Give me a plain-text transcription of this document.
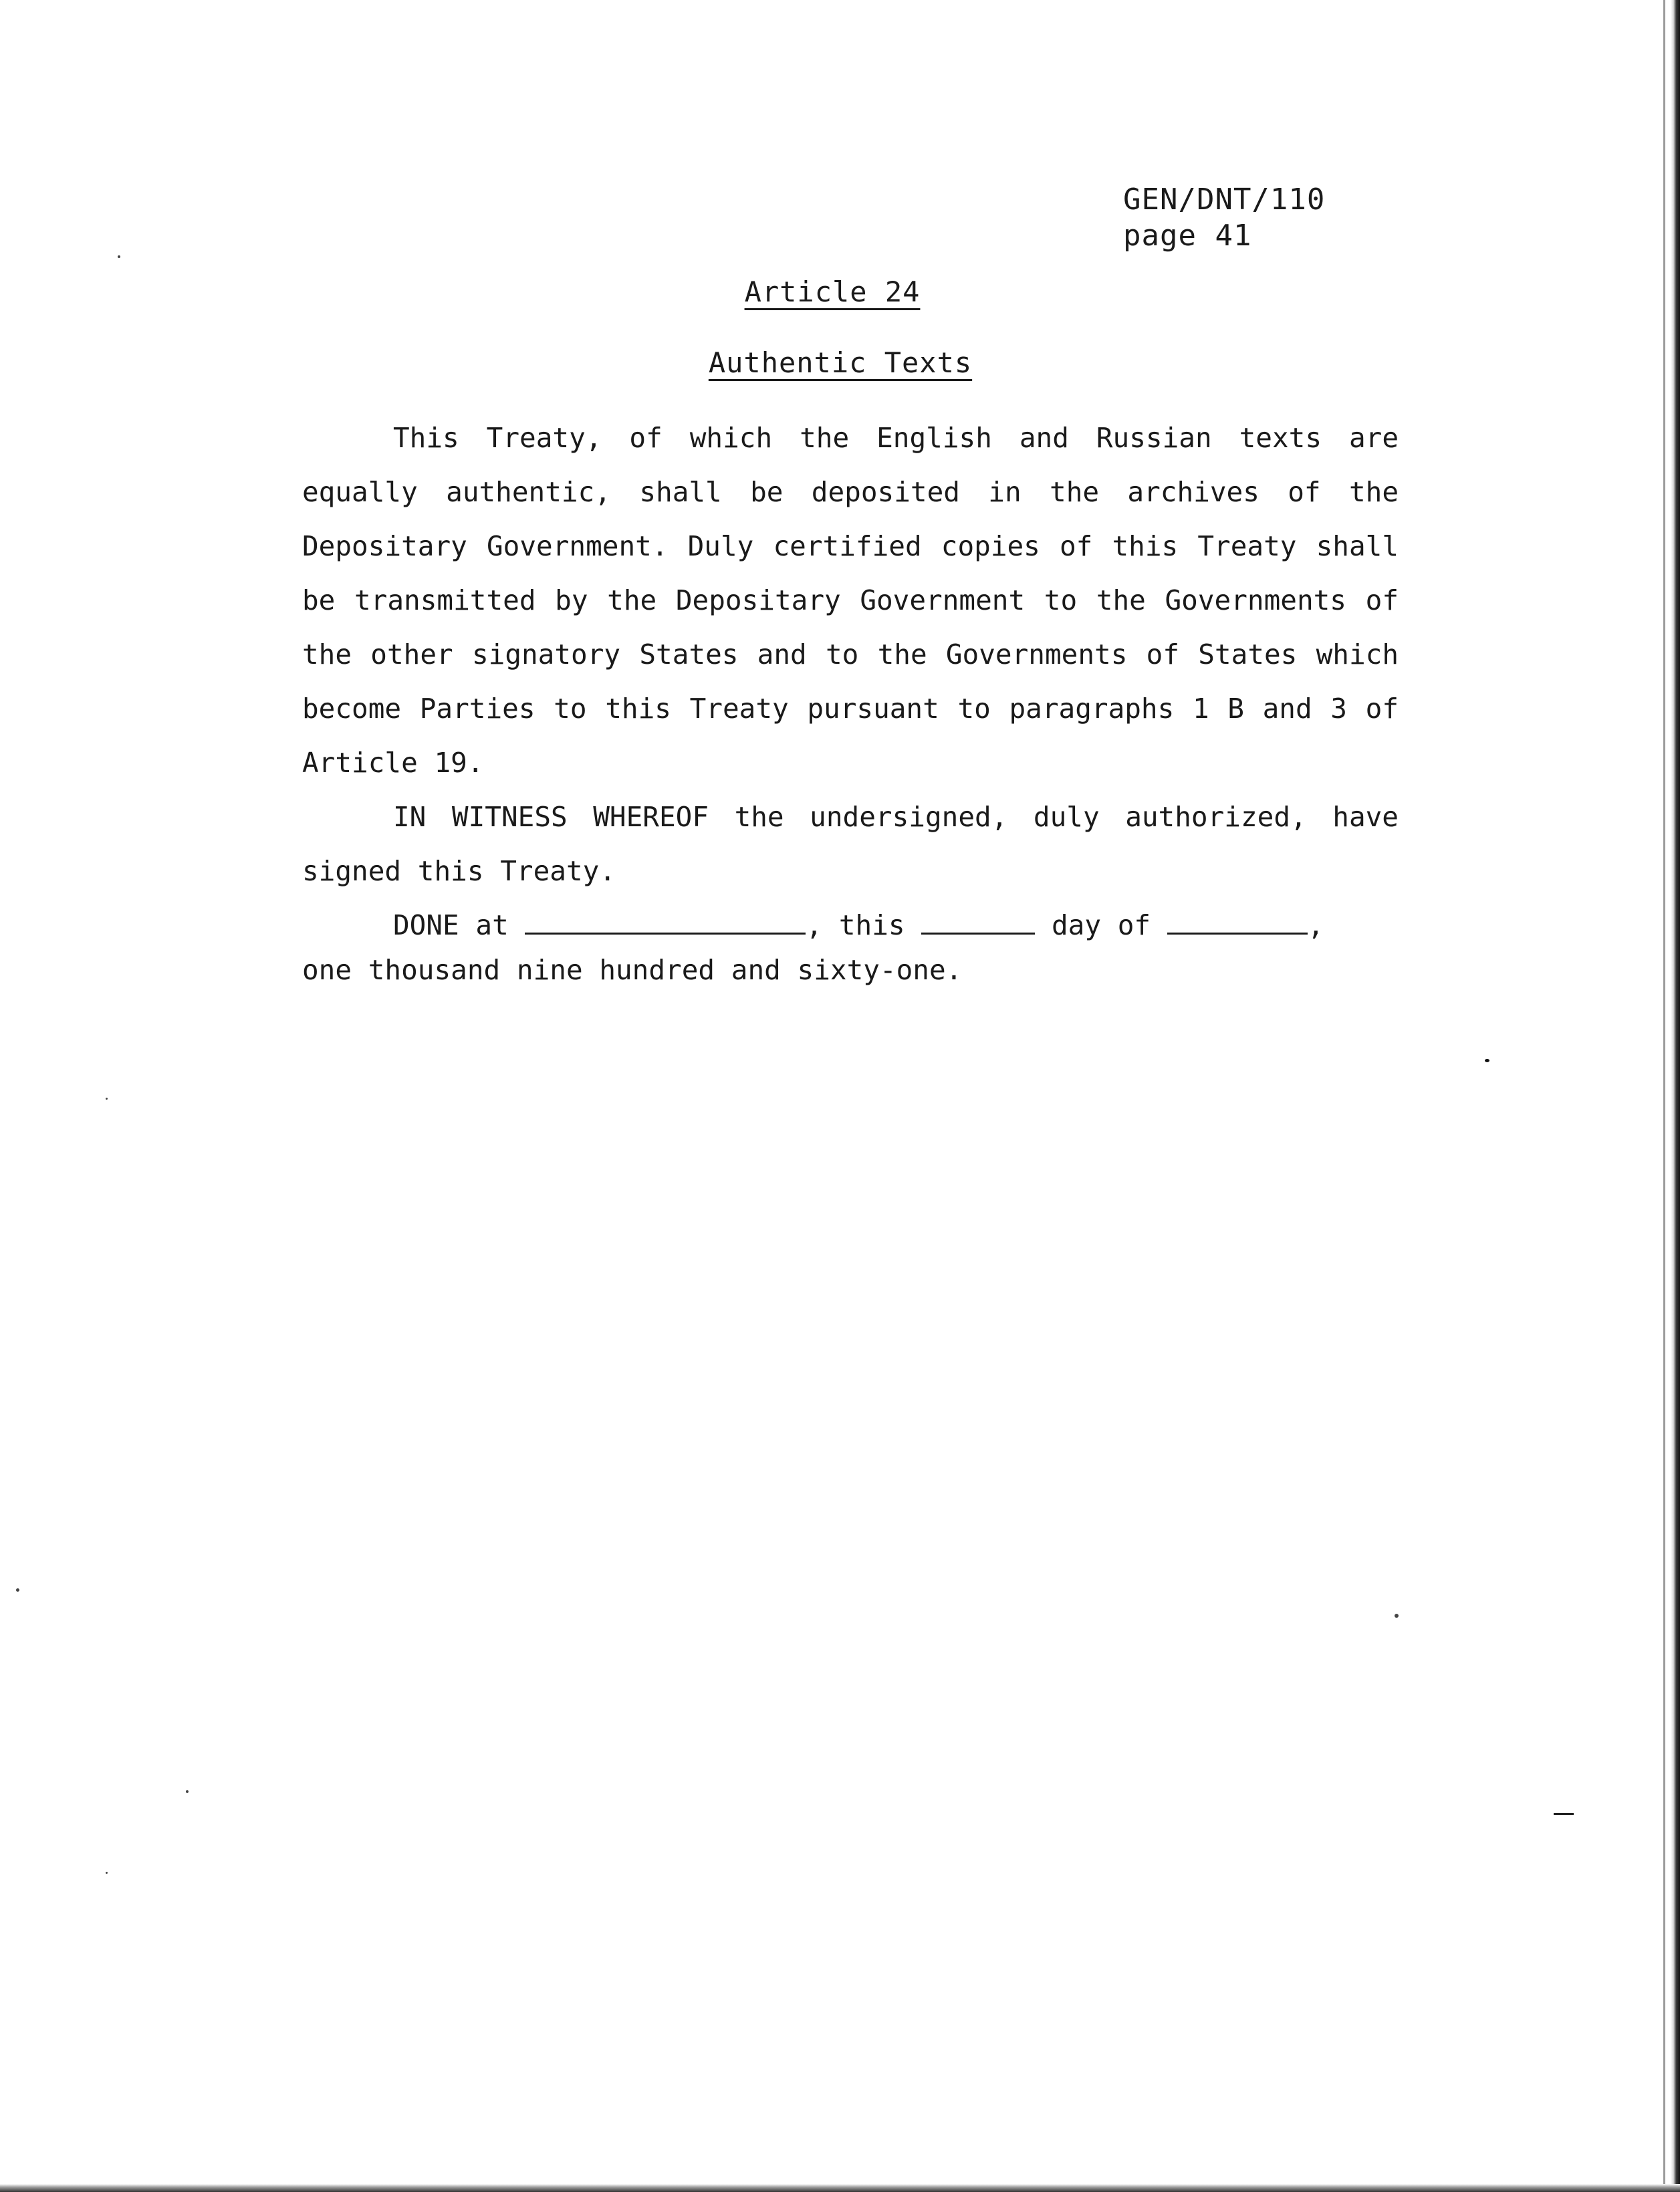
GEN/DNT/110
page 41
Article 24
Authentic Texts

This Treaty, of which the English and Russian texts are equally authentic, shall be deposited in the archives of the Depositary Government. Duly certified copies of this Treaty shall be transmitted by the Depositary Government to the Governments of the other signatory States and to the Governments of States which become Parties to this Treaty pursuant to paragraphs 1 B and 3 of Article 19.

IN WITNESS WHEREOF the undersigned, duly authorized, have signed this Treaty.

DONE at	, this	day of	,

one thousand nine hundred and sixty-one.
